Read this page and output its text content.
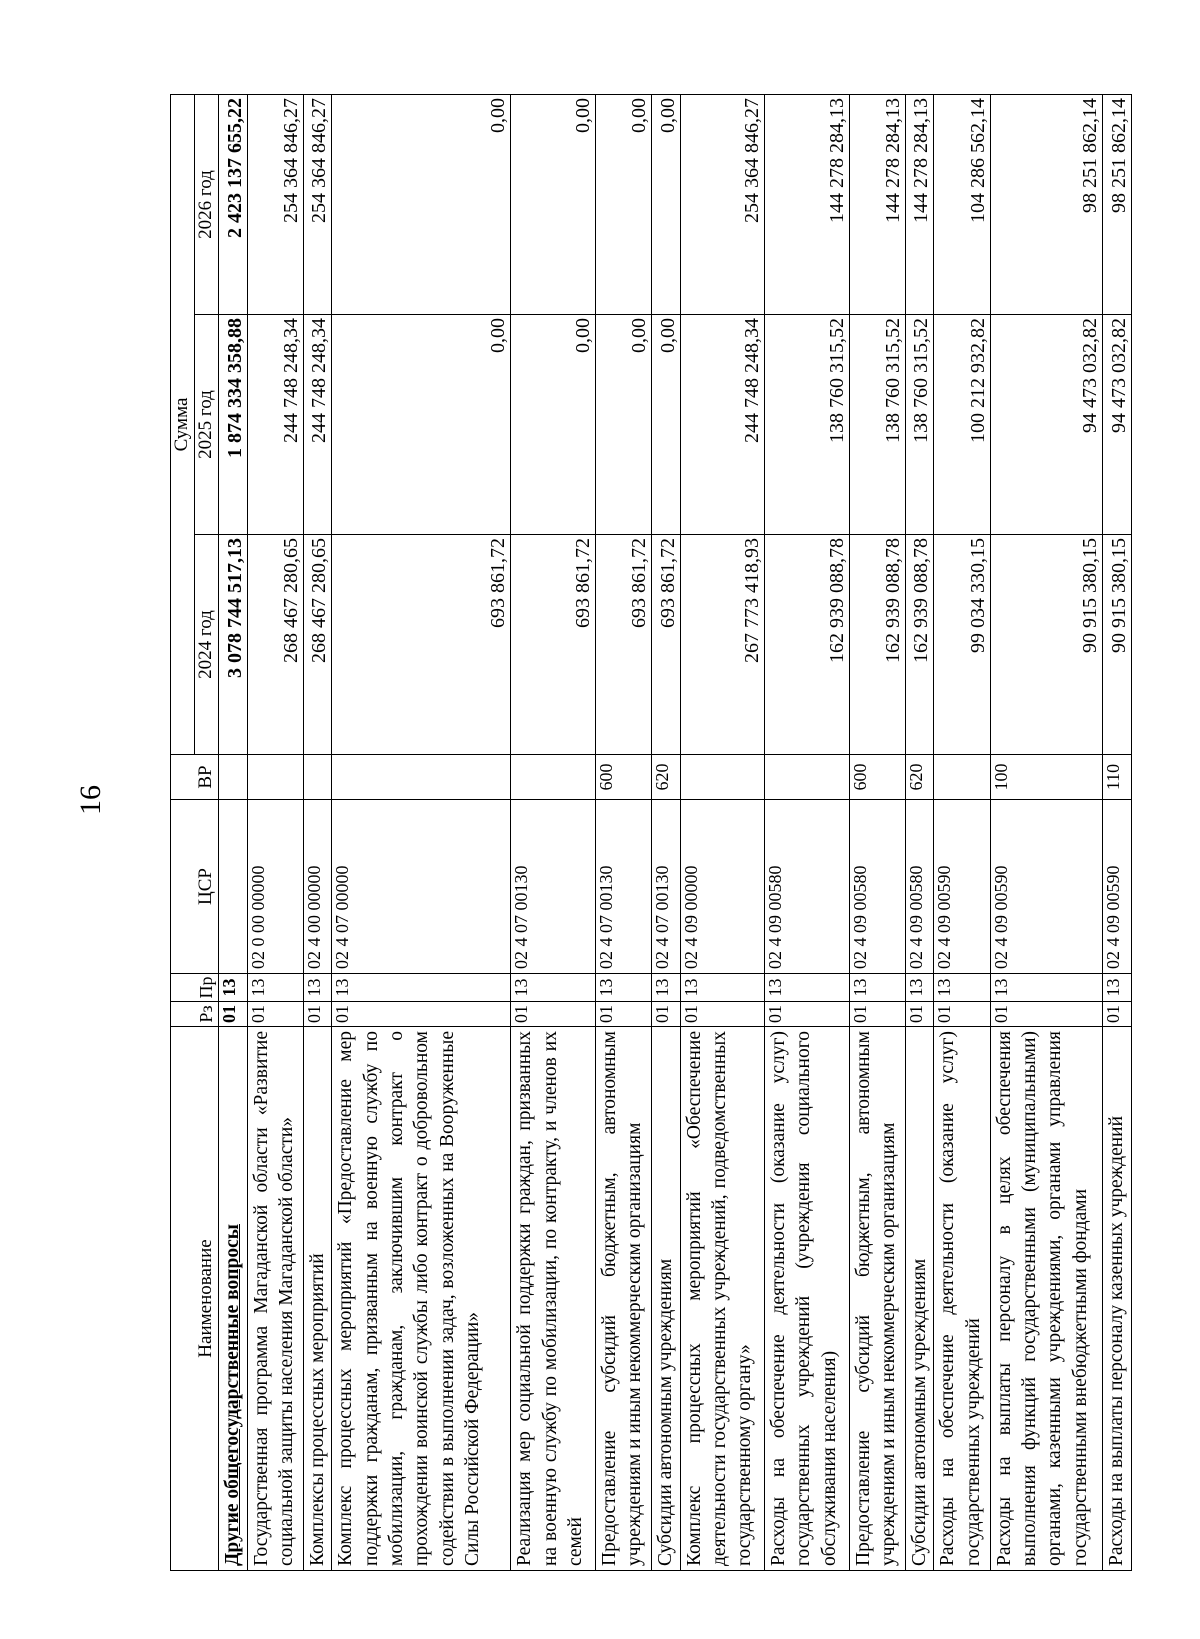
16
Наименование	Рз	Пр	ЦСР	ВР	Сумма		
					2024 год	2025 год	2026 год
Другие общегосударственные вопросы	01	13			3 078 744 517,13	1 874 334 358,88	2 423 137 655,22
Государственная программа Магаданской области «Развитие социальной защиты населения Магаданской области»	01	13	02 0 00 00000		268 467 280,65	244 748 248,34	254 364 846,27
Комплексы процессных мероприятий	01	13	02 4 00 00000		268 467 280,65	244 748 248,34	254 364 846,27
Комплекс процессных мероприятий «Предоставление мер поддержки гражданам, призванным на военную службу по мобилизации, гражданам, заключившим контракт о прохождении воинской службы либо контракт о добровольном содействии в выполнении задач, возложенных на Вооруженные Силы Российской Федерации»	01	13	02 4 07 00000		693 861,72	0,00	0,00
Реализация мер социальной поддержки граждан, призванных на военную службу по мобилизации, по контракту, и членов их семей	01	13	02 4 07 00130		693 861,72	0,00	0,00
Предоставление субсидий бюджетным, автономным учреждениям и иным некоммерческим организациям	01	13	02 4 07 00130	600	693 861,72	0,00	0,00
Субсидии автономным учреждениям	01	13	02 4 07 00130	620	693 861,72	0,00	0,00
Комплекс процессных мероприятий «Обеспечение деятельности государственных учреждений, подведомственных государственному органу»	01	13	02 4 09 00000		267 773 418,93	244 748 248,34	254 364 846,27
Расходы на обеспечение деятельности (оказание услуг) государственных учреждений (учреждения социального обслуживания населения)	01	13	02 4 09 00580		162 939 088,78	138 760 315,52	144 278 284,13
Предоставление субсидий бюджетным, автономным учреждениям и иным некоммерческим организациям	01	13	02 4 09 00580	600	162 939 088,78	138 760 315,52	144 278 284,13
Субсидии автономным учреждениям	01	13	02 4 09 00580	620	162 939 088,78	138 760 315,52	144 278 284,13
Расходы на обеспечение деятельности (оказание услуг) государственных учреждений	01	13	02 4 09 00590		99 034 330,15	100 212 932,82	104 286 562,14
Расходы на выплаты персоналу в целях обеспечения выполнения функций государственными (муниципальными) органами, казенными учреждениями, органами управления государственными внебюджетными фондами	01	13	02 4 09 00590	100	90 915 380,15	94 473 032,82	98 251 862,14
Расходы на выплаты персоналу казенных учреждений	01	13	02 4 09 00590	110	90 915 380,15	94 473 032,82	98 251 862,14
